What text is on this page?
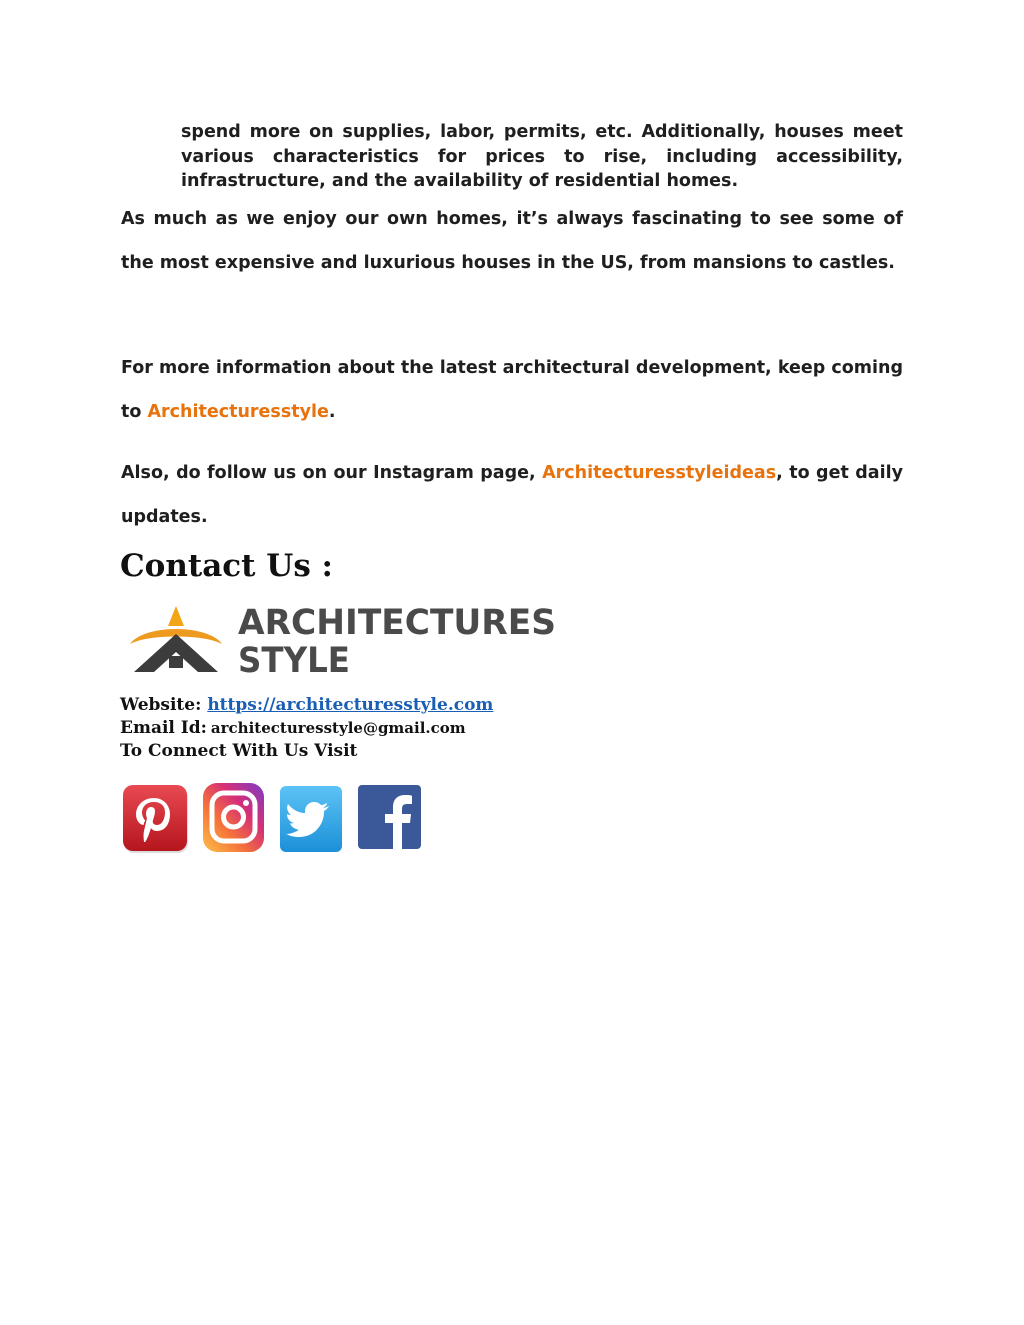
spend more on supplies, labor, permits, etc. Additionally, houses meet various characteristics for prices to rise, including accessibility, infrastructure, and the availability of residential homes.
As much as we enjoy our own homes, it’s always fascinating to see some of the most expensive and luxurious houses in the US, from mansions to castles.
For more information about the latest architectural development, keep coming to Architecturesstyle.
Also, do follow us on our Instagram page, Architecturesstyleideas, to get daily updates.
Contact Us :
ARCHITECTURES
STYLE
Website: https://architecturesstyle.com
Email Id: architecturesstyle@gmail.com
To Connect With Us Visit
